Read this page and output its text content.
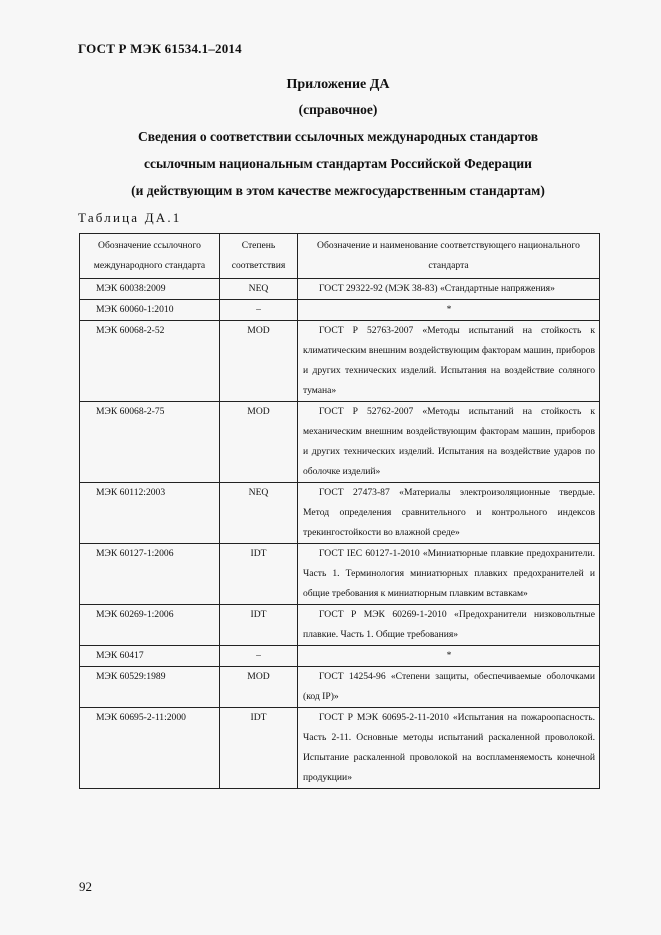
ГОСТ Р МЭК 61534.1–2014
Приложение ДА
(справочное)
Сведения о соответствии ссылочных международных стандартов
ссылочным национальным стандартам Российской Федерации
(и действующим в этом качестве межгосударственным стандартам)
Таблица ДА.1
Обозначение ссылочного международного стандарта	Степень соответствия	Обозначение и наименование соответствующего национального стандарта
МЭК 60038:2009	NEQ	ГОСТ 29322-92 (МЭК 38-83) «Стандартные напряжения»
МЭК 60060-1:2010	–	*
МЭК 60068-2-52	MOD	ГОСТ Р 52763-2007 «Методы испытаний на стойкость к климатическим внешним воздействующим факторам машин, приборов и других технических изделий. Испытания на воздействие соляного тумана»
МЭК 60068-2-75	MOD	ГОСТ Р 52762-2007 «Методы испытаний на стойкость к механическим внешним воздействующим факторам машин, приборов и других технических изделий. Испытания на воздействие ударов по оболочке изделий»
МЭК 60112:2003	NEQ	ГОСТ 27473-87 «Материалы электроизоляционные твердые. Метод определения сравнительного и контрольного индексов трекингостойкости во влажной среде»
МЭК 60127-1:2006	IDT	ГОСТ IEC 60127-1-2010 «Миниатюрные плавкие предохранители. Часть 1. Терминология миниатюрных плавких предохранителей и общие требования к миниатюрным плавким вставкам»
МЭК 60269-1:2006	IDT	ГОСТ Р МЭК 60269-1-2010 «Предохранители низковольтные плавкие. Часть 1. Общие требования»
МЭК 60417	–	*
МЭК 60529:1989	MOD	ГОСТ 14254-96 «Степени защиты, обеспечиваемые оболочками (код IP)»
МЭК 60695-2-11:2000	IDT	ГОСТ Р МЭК 60695-2-11-2010 «Испытания на пожароопасность. Часть 2-11. Основные методы испытаний раскаленной проволокой. Испытание раскаленной проволокой на воспламеняемость конечной продукции»
92
